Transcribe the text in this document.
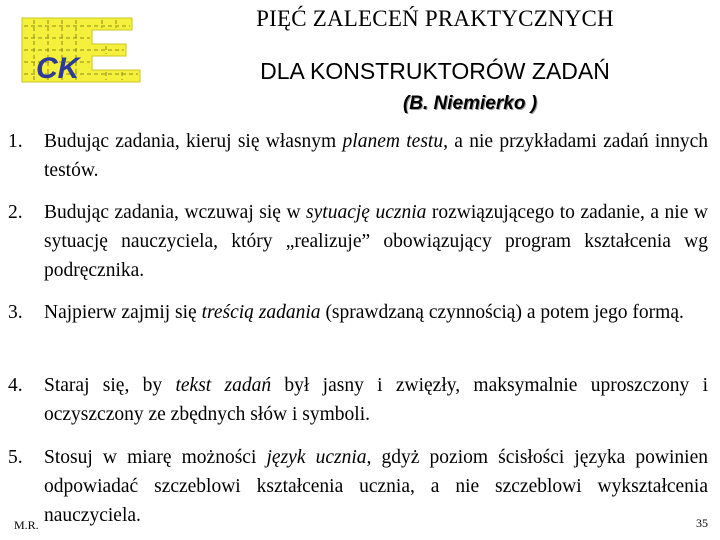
CK
PIĘĆ ZALECEŃ PRAKTYCZNYCH
DLA KONSTRUKTORÓW ZADAŃ
(B. Niemierko )
1. Budując zadania, kieruj się własnym planem testu, a nie przykładami zadań innych testów.
2. Budując zadania, wczuwaj się w sytuację ucznia rozwiązującego to zadanie, a nie w sytuację nauczyciela, który „realizuje” obowiązujący program kształcenia wg podręcznika.
3. Najpierw zajmij się treścią zadania (sprawdzaną czynnością) a potem jego formą.
4. Staraj się, by tekst zadań był jasny i zwięzły, maksymalnie uproszczony i oczyszczony ze zbędnych słów i symboli.
5. Stosuj w miarę możności język ucznia, gdyż poziom ścisłości języka powinien odpowiadać szczeblowi kształcenia ucznia, a nie szczeblowi wykształcenia nauczyciela.
M.R.	35
